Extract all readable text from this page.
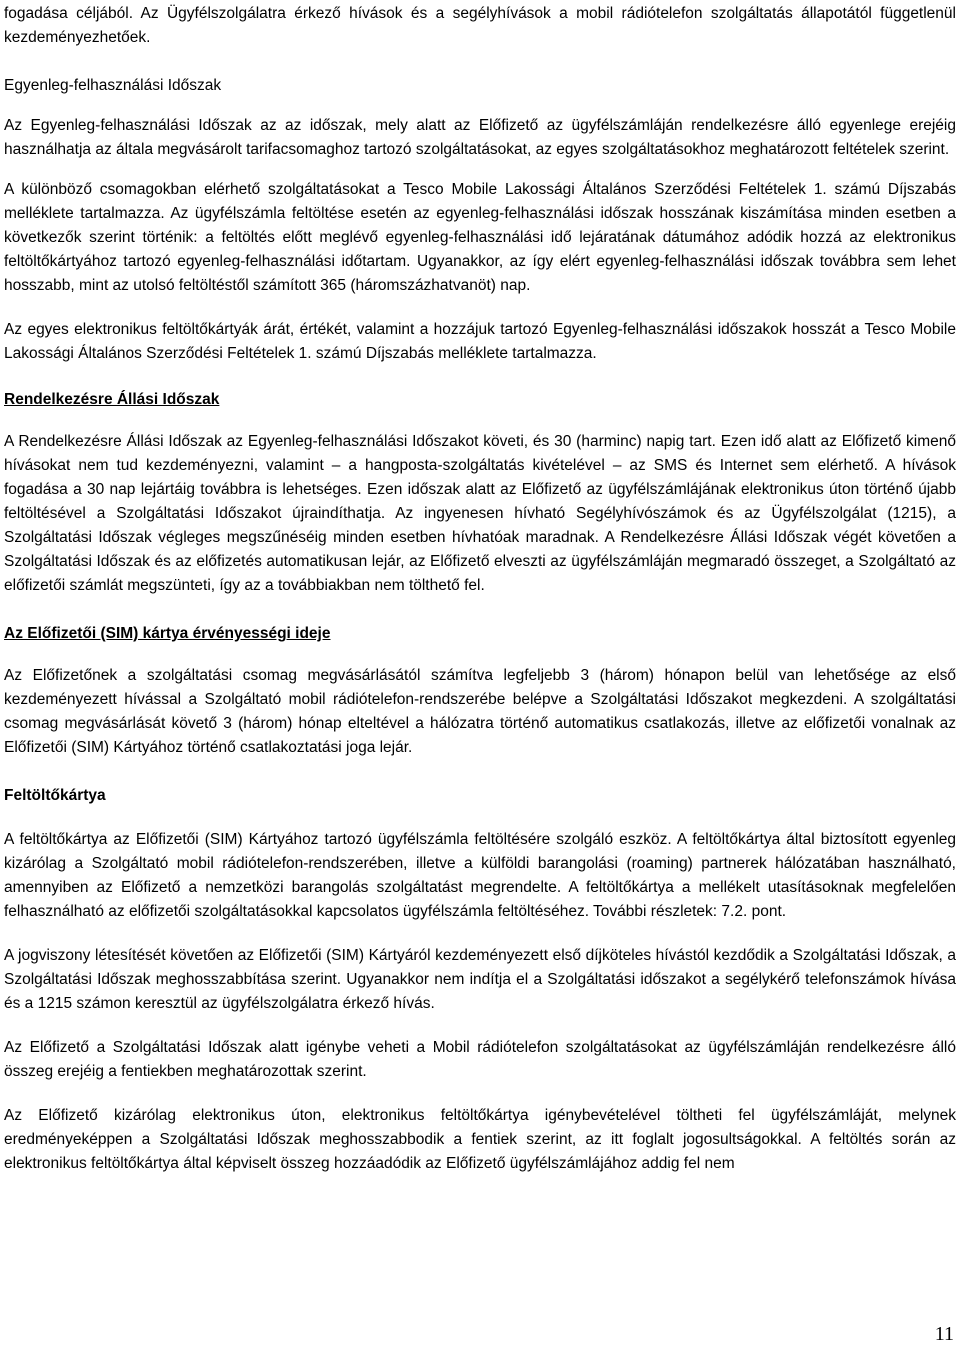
fogadása céljából. Az Ügyfélszolgálatra érkező hívások és a segélyhívások a mobil rádiótelefon szolgáltatás állapotától függetlenül kezdeményezhetőek.

Egyenleg-felhasználási Időszak

Az Egyenleg-felhasználási Időszak az az időszak, mely alatt az Előfizető az ügyfélszámláján rendelkezésre álló egyenlege erejéig használhatja az általa megvásárolt tarifacsomaghoz tartozó szolgáltatásokat, az egyes szolgáltatásokhoz meghatározott feltételek szerint.

A különböző csomagokban elérhető szolgáltatásokat a Tesco Mobile Lakossági Általános Szerződési Feltételek 1. számú Díjszabás melléklete tartalmazza. Az ügyfélszámla feltöltése esetén az egyenleg-felhasználási időszak hosszának kiszámítása minden esetben a következők szerint történik: a feltöltés előtt meglévő egyenleg-felhasználási idő lejáratának dátumához adódik hozzá az elektronikus feltöltőkártyához tartozó egyenleg-felhasználási időtartam. Ugyanakkor, az így elért egyenleg-felhasználási időszak továbbra sem lehet hosszabb, mint az utolsó feltöltéstől számított 365 (háromszázhatvanöt) nap.

Az egyes elektronikus feltöltőkártyák árát, értékét, valamint a hozzájuk tartozó Egyenleg-felhasználási időszakok hosszát a Tesco Mobile Lakossági Általános Szerződési Feltételek 1. számú Díjszabás melléklete tartalmazza.

Rendelkezésre Állási Időszak

A Rendelkezésre Állási Időszak az Egyenleg-felhasználási Időszakot követi, és 30 (harminc) napig tart. Ezen idő alatt az Előfizető kimenő hívásokat nem tud kezdeményezni, valamint – a hangposta-szolgáltatás kivételével – az SMS és Internet sem elérhető. A hívások fogadása a 30 nap lejártáig továbbra is lehetséges. Ezen időszak alatt az Előfizető az ügyfélszámlájának elektronikus úton történő újabb feltöltésével a Szolgáltatási Időszakot újraindíthatja. Az ingyenesen hívható Segélyhívószámok és az Ügyfélszolgálat (1215), a Szolgáltatási Időszak végleges megszűnéséig minden esetben hívhatóak maradnak. A Rendelkezésre Állási Időszak végét követően a Szolgáltatási Időszak és az előfizetés automatikusan lejár, az Előfizető elveszti az ügyfélszámláján megmaradó összeget, a Szolgáltató az előfizetői számlát megszünteti, így az a továbbiakban nem tölthető fel.

Az Előfizetői (SIM) kártya érvényességi ideje

Az Előfizetőnek a szolgáltatási csomag megvásárlásától számítva legfeljebb 3 (három) hónapon belül van lehetősége az első kezdeményezett hívással a Szolgáltató mobil rádiótelefon-rendszerébe belépve a Szolgáltatási Időszakot megkezdeni. A szolgáltatási csomag megvásárlását követő 3 (három) hónap elteltével a hálózatra történő automatikus csatlakozás, illetve az előfizetői vonalnak az Előfizetői (SIM) Kártyához történő csatlakoztatási joga lejár.

Feltöltőkártya

A feltöltőkártya az Előfizetői (SIM) Kártyához tartozó ügyfélszámla feltöltésére szolgáló eszköz. A feltöltőkártya által biztosított egyenleg kizárólag a Szolgáltató mobil rádiótelefon-rendszerében, illetve a külföldi barangolási (roaming) partnerek hálózatában használható, amennyiben az Előfizető a nemzetközi barangolás szolgáltatást megrendelte. A feltöltőkártya a mellékelt utasításoknak megfelelően felhasználható az előfizetői szolgáltatásokkal kapcsolatos ügyfélszámla feltöltéséhez. További részletek: 7.2. pont.

A jogviszony létesítését követően az Előfizetői (SIM) Kártyáról kezdeményezett első díjköteles hívástól kezdődik a Szolgáltatási Időszak, a Szolgáltatási Időszak meghosszabbítása szerint. Ugyanakkor nem indítja el a Szolgáltatási időszakot a segélykérő telefonszámok hívása és a 1215 számon keresztül az ügyfélszolgálatra érkező hívás.

Az Előfizető a Szolgáltatási Időszak alatt igénybe veheti a Mobil rádiótelefon szolgáltatásokat az ügyfélszámláján rendelkezésre álló összeg erejéig a fentiekben meghatározottak szerint.

Az Előfizető kizárólag elektronikus úton, elektronikus feltöltőkártya igénybevételével töltheti fel ügyfélszámláját, melynek eredményeképpen a Szolgáltatási Időszak meghosszabbodik a fentiek szerint, az itt foglalt jogosultságokkal. A feltöltés során az elektronikus feltöltőkártya által képviselt összeg hozzáadódik az Előfizető ügyfélszámlájához addig fel nem

11
